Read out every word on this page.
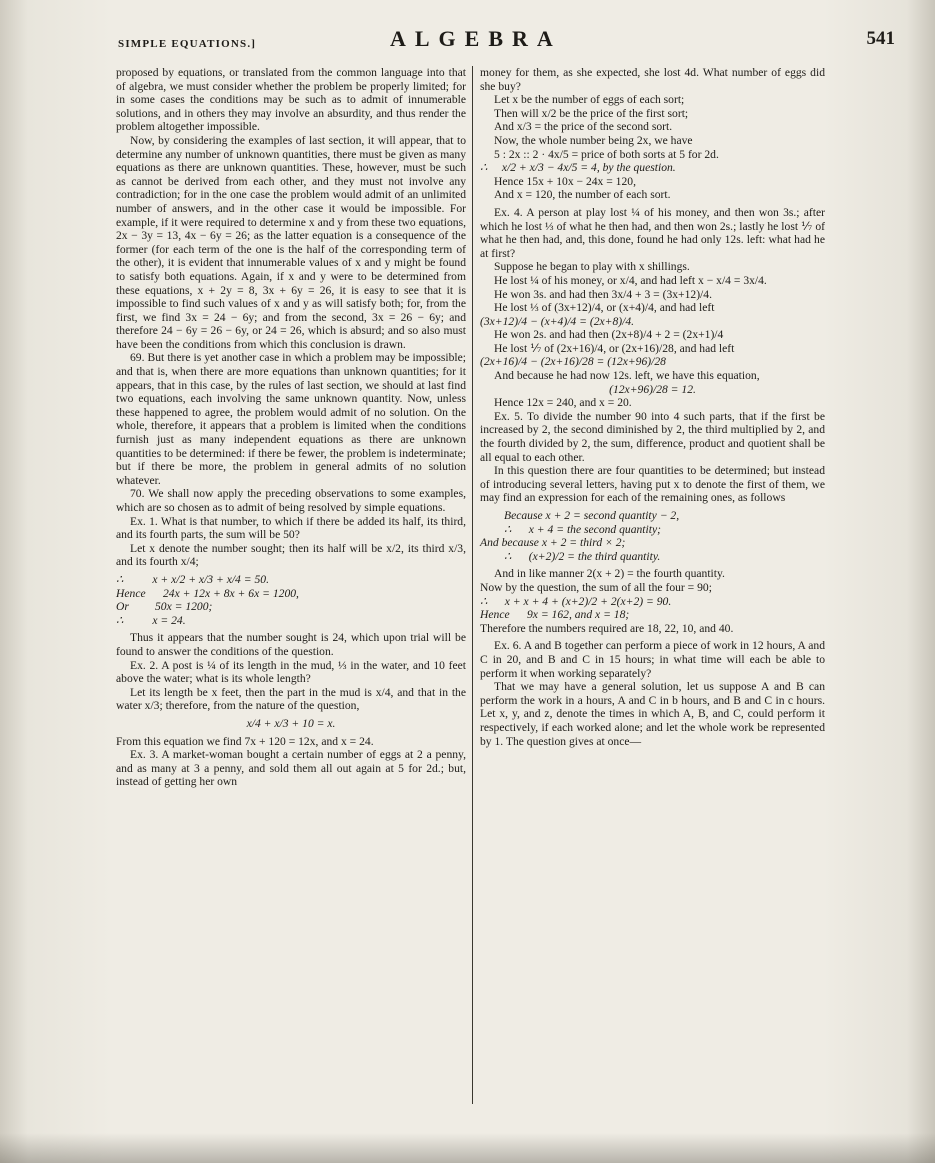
SIMPLE EQUATIONS.]	ALGEBRA	541

proposed by equations, or translated from the common language into that of algebra, we must consider whether the problem be properly limited; for in some cases the conditions may be such as to admit of innumerable solutions, and in others they may involve an absurdity, and thus render the problem altogether impossible.

Now, by considering the examples of last section, it will appear, that to determine any number of unknown quantities, there must be given as many equations as there are unknown quantities. These, however, must be such as cannot be derived from each other, and they must not involve any contradiction; for in the one case the problem would admit of an unlimited number of answers, and in the other case it would be impossible. For example, if it were required to determine x and y from these two equations, 2x − 3y = 13, 4x − 6y = 26; as the latter equation is a consequence of the former (for each term of the one is the half of the corresponding term of the other), it is evident that innumerable values of x and y might be found to satisfy both equations. Again, if x and y were to be determined from these equations, x + 2y = 8, 3x + 6y = 26, it is easy to see that it is impossible to find such values of x and y as will satisfy both; for, from the first, we find 3x = 24 − 6y; and from the second, 3x = 26 − 6y; and therefore 24 − 6y = 26 − 6y, or 24 = 26, which is absurd; and so also must have been the conditions from which this conclusion is drawn.

69. But there is yet another case in which a problem may be impossible; and that is, when there are more equations than unknown quantities; for it appears, that in this case, by the rules of last section, we should at last find two equations, each involving the same unknown quantity. Now, unless these happened to agree, the problem would admit of no solution. On the whole, therefore, it appears that a problem is limited when the conditions furnish just as many independent equations as there are unknown quantities to be determined: if there be fewer, the problem is indeterminate; but if there be more, the problem in general admits of no solution whatever.

70. We shall now apply the preceding observations to some examples, which are so chosen as to admit of being resolved by simple equations.

Ex. 1. What is that number, to which if there be added its half, its third, and its fourth parts, the sum will be 50?

Let x denote the number sought; then its half will be x/2, its third x/3, and its fourth x/4;

∴          x + x/2 + x/3 + x/4 = 50.

Hence      24x + 12x + 8x + 6x = 1200,

Or         50x = 1200;

∴          x = 24.

Thus it appears that the number sought is 24, which upon trial will be found to answer the conditions of the question.

Ex. 2. A post is ¼ of its length in the mud, ⅓ in the water, and 10 feet above the water; what is its whole length?

Let its length be x feet, then the part in the mud is x/4, and that in the water x/3; therefore, from the nature of the question,

x/4 + x/3 + 10 = x.

From this equation we find 7x + 120 = 12x, and x = 24.

Ex. 3. A market-woman bought a certain number of eggs at 2 a penny, and as many at 3 a penny, and sold them all out again at 5 for 2d.; but, instead of getting her own

money for them, as she expected, she lost 4d. What number of eggs did she buy?

Let x be the number of eggs of each sort;

Then will x/2 be the price of the first sort;

And x/3 = the price of the second sort.

Now, the whole number being 2x, we have

5 : 2x :: 2 · 4x/5 = price of both sorts at 5 for 2d.

∴     x/2 + x/3 − 4x/5 = 4, by the question.

Hence 15x + 10x − 24x = 120,

And x = 120, the number of each sort.

Ex. 4. A person at play lost ¼ of his money, and then won 3s.; after which he lost ⅓ of what he then had, and then won 2s.; lastly he lost ⅐ of what he then had, and, this done, found he had only 12s. left: what had he at first?

Suppose he began to play with x shillings.

He lost ¼ of his money, or x/4, and had left x − x/4 = 3x/4.

He won 3s. and had then 3x/4 + 3 = (3x+12)/4.

He lost ⅓ of (3x+12)/4, or (x+4)/4, and had left

(3x+12)/4 − (x+4)/4 = (2x+8)/4.

He won 2s. and had then (2x+8)/4 + 2 = (2x+1)/4

He lost ⅐ of (2x+16)/4, or (2x+16)/28, and had left

(2x+16)/4 − (2x+16)/28 = (12x+96)/28

And because he had now 12s. left, we have this equation,

(12x+96)/28 = 12.

Hence 12x = 240, and x = 20.

Ex. 5. To divide the number 90 into 4 such parts, that if the first be increased by 2, the second diminished by 2, the third multiplied by 2, and the fourth divided by 2, the sum, difference, product and quotient shall be all equal to each other.

In this question there are four quantities to be determined; but instead of introducing several letters, having put x to denote the first of them, we may find an expression for each of the remaining ones, as follows

Because x + 2 = second quantity − 2,

∴      x + 4 = the second quantity;

And because x + 2 = third × 2;

∴      (x+2)/2 = the third quantity.

And in like manner 2(x + 2) = the fourth quantity.

Now by the question, the sum of all the four = 90;

∴      x + x + 4 + (x+2)/2 + 2(x+2) = 90.

Hence      9x = 162, and x = 18;

Therefore the numbers required are 18, 22, 10, and 40.

Ex. 6. A and B together can perform a piece of work in 12 hours, A and C in 20, and B and C in 15 hours; in what time will each be able to perform it when working separately?

That we may have a general solution, let us suppose A and B can perform the work in a hours, A and C in b hours, and B and C in c hours. Let x, y, and z, denote the times in which A, B, and C, could perform it respectively, if each worked alone; and let the whole work be represented by 1. The question gives at once—
